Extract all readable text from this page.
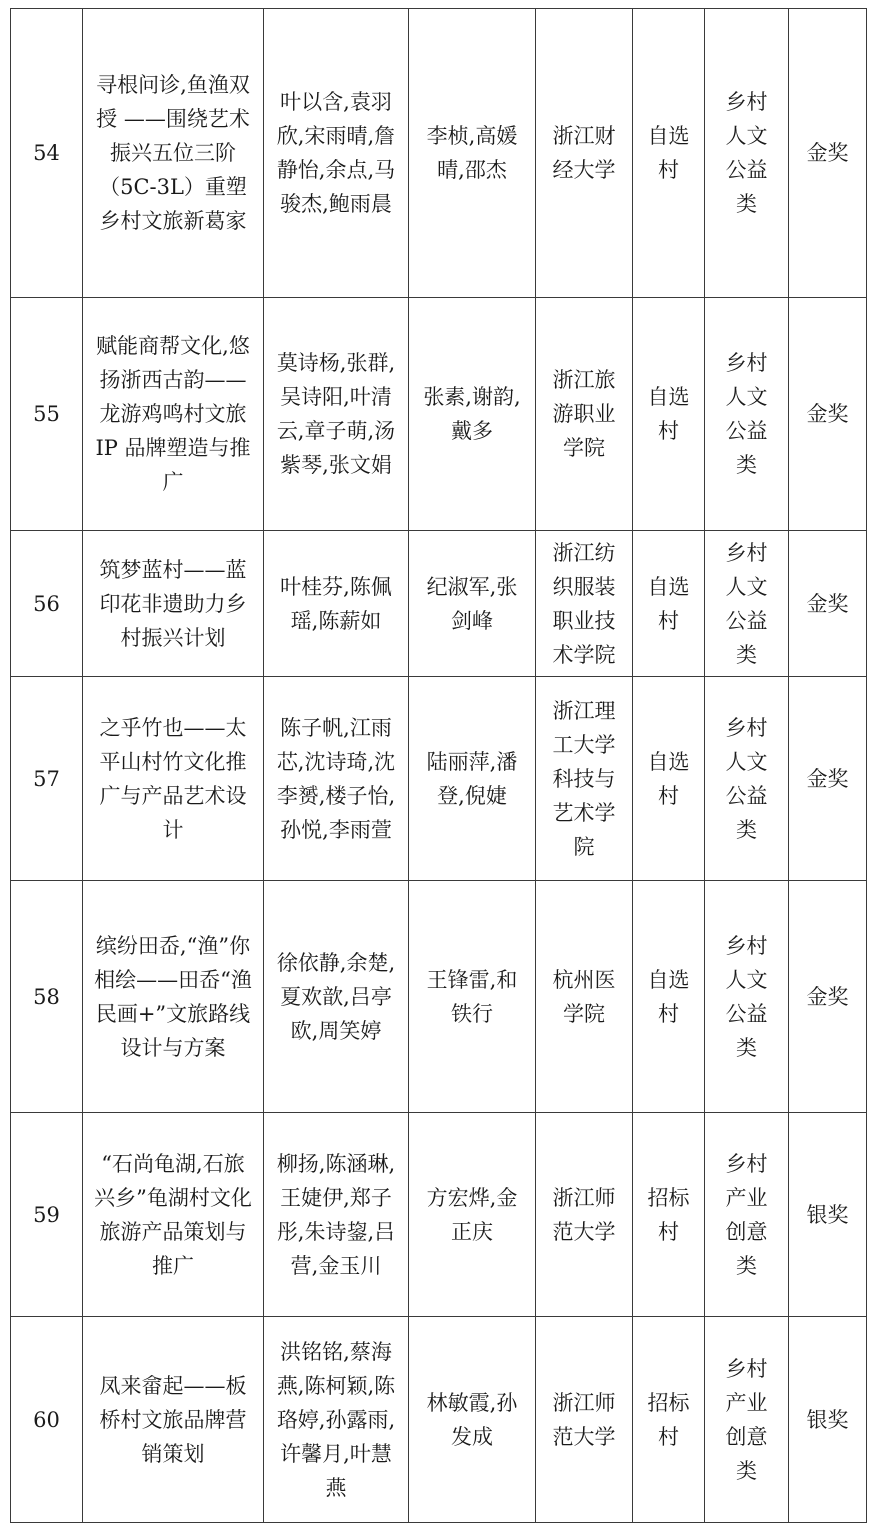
54	寻根问诊,鱼渔双授 ——围绕艺术振兴五位三阶（5C-3L）重塑乡村文旅新葛家	叶以含,袁羽欣,宋雨晴,詹静怡,余点,马骏杰,鲍雨晨	李桢,高媛晴,邵杰	浙江财经大学	自选村	乡村人文公益类	金奖
55	赋能商帮文化,悠扬浙西古韵——龙游鸡鸣村文旅 IP 品牌塑造与推广	莫诗杨,张群,吴诗阳,叶清云,章子萌,汤紫琴,张文娟	张素,谢韵,戴多	浙江旅游职业学院	自选村	乡村人文公益类	金奖
56	筑梦蓝村——蓝印花非遗助力乡村振兴计划	叶桂芬,陈佩瑶,陈薪如	纪淑军,张剑峰	浙江纺织服装职业技术学院	自选村	乡村人文公益类	金奖
57	之乎竹也——太平山村竹文化推广与产品艺术设计	陈子帆,江雨芯,沈诗琦,沈李赟,楼子怡,孙悦,李雨萱	陆丽萍,潘登,倪婕	浙江理工大学科技与艺术学院	自选村	乡村人文公益类	金奖
58	缤纷田岙,“渔”你相绘——田岙“渔民画+”文旅路线设计与方案	徐依静,余楚,夏欢歆,吕亭欧,周笑婷	王锋雷,和铁行	杭州医学院	自选村	乡村人文公益类	金奖
59	“石尚龟湖,石旅兴乡”龟湖村文化旅游产品策划与推广	柳扬,陈涵琳,王婕伊,郑子彤,朱诗鋆,吕营,金玉川	方宏烨,金正庆	浙江师范大学	招标村	乡村产业创意类	银奖
60	凤来畲起——板桥村文旅品牌营销策划	洪铭铭,蔡海燕,陈柯颖,陈珞婷,孙露雨,许馨月,叶慧燕	林敏霞,孙发成	浙江师范大学	招标村	乡村产业创意类	银奖
